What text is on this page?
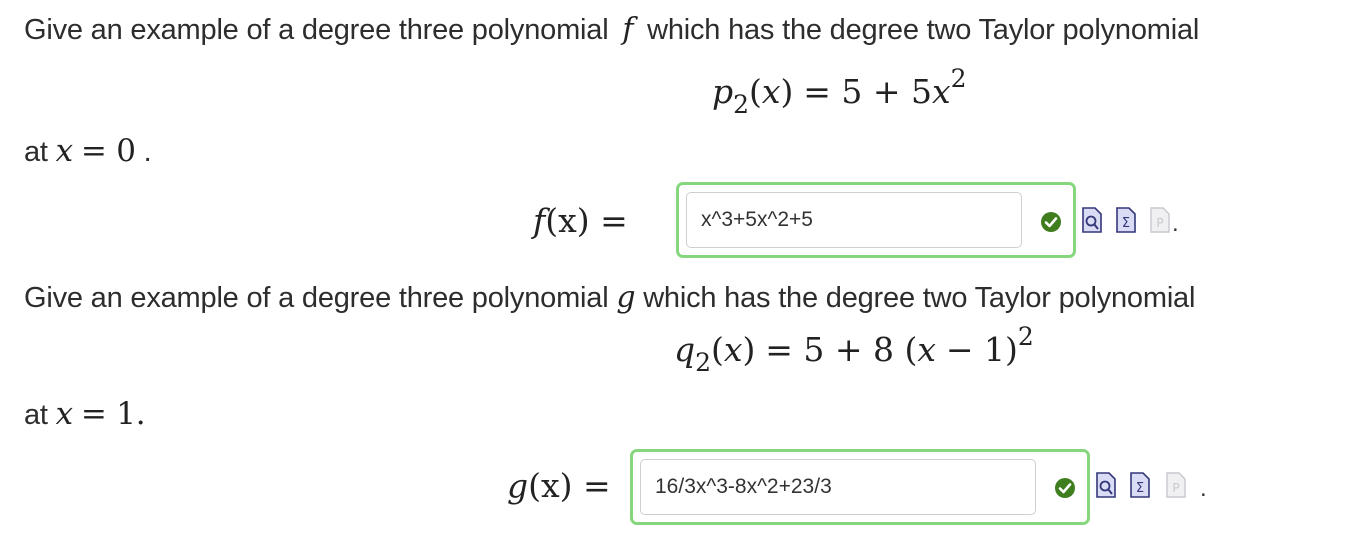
Give an example of a degree three polynomial f which has the degree two Taylor polynomial
$p_2(x) = 5 + 5x^2$
at x = 0 .
f(x) =
x^3+5x^2+5	Σ P .
Give an example of a degree three polynomial g which has the degree two Taylor polynomial
$q_2(x) = 5 + 8$ $(x - 1)^2$
at x = 1.
g(x) =
16/3x^3-8x^2+23/3	Σ P .
